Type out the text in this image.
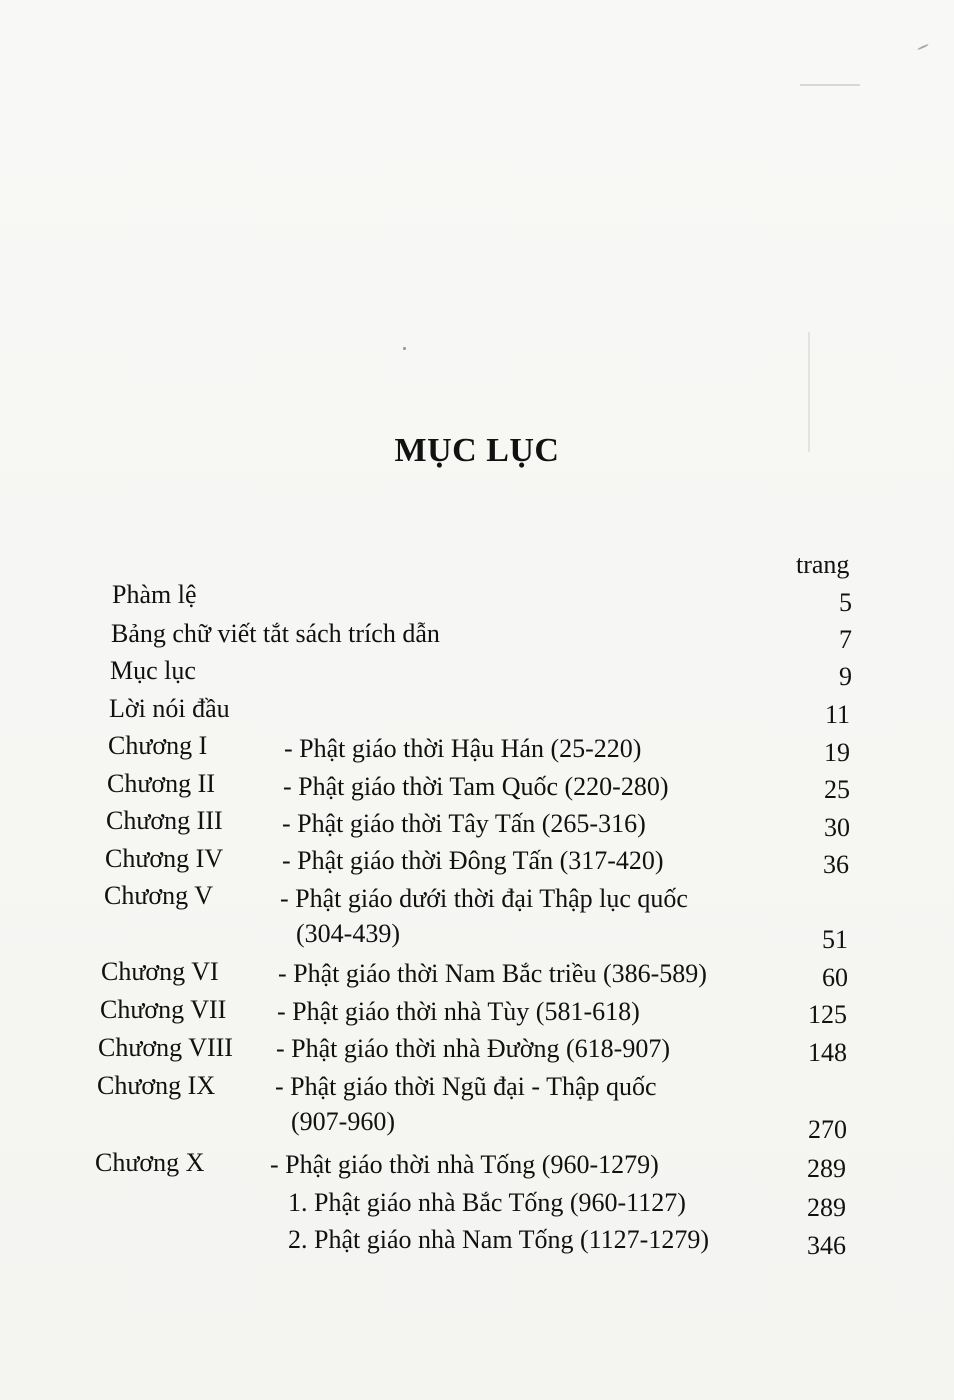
MỤC LỤC
trang
Phàm lệ	5
Bảng chữ viết tắt sách trích dẫn	7
Mục lục	9
Lời nói đầu	11
Chương I	- Phật giáo thời Hậu Hán (25-220)	19
Chương II	- Phật giáo thời Tam Quốc (220-280)	25
Chương III - Phật giáo thời Tây Tấn (265-316)	30
Chương IV - Phật giáo thời Đông Tấn (317-420)	36
Chương V	- Phật giáo dưới thời đại Thập lục quốc
(304-439)	51
Chương VI - Phật giáo thời Nam Bắc triều (386-589)	60
Chương VII - Phật giáo thời nhà Tùy (581-618)	125
Chương VIII - Phật giáo thời nhà Đường (618-907)	148
Chương IX - Phật giáo thời Ngũ đại - Thập quốc
(907-960)	270
Chương X	- Phật giáo thời nhà Tống (960-1279)	289
1. Phật giáo nhà Bắc Tống (960-1127)	289
2. Phật giáo nhà Nam Tống (1127-1279)	346
